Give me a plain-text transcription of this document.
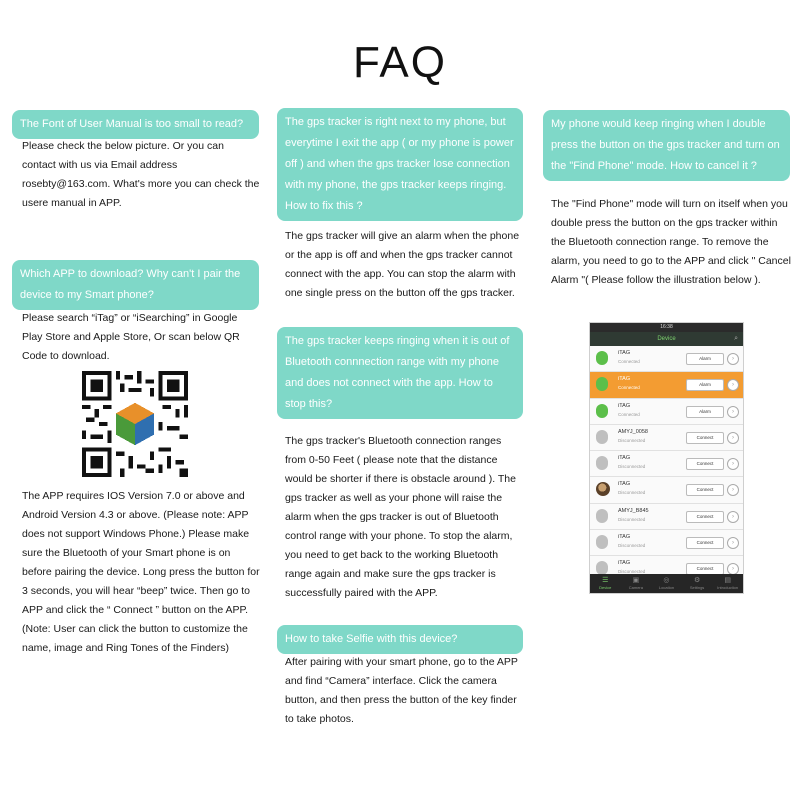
FAQ
The Font of User Manual is too small to read?
Please check the below picture. Or you can contact with us via Email address rosebty@163.com. What's more you can check the usere manual in APP.
Which APP to download? Why can't I pair the device to my Smart phone?
Please search “iTag” or “iSearching” in Google Play Store and Apple Store, Or scan below QR Code to download.
The APP requires IOS Version 7.0 or above and Android Version 4.3 or above. (Please note: APP does not support Windows Phone.) Please make sure the Bluetooth of your Smart phone is on before pairing the device. Long press the button for 3 seconds, you will hear “beep” twice. Then go to APP and click the “ Connect ” button on the APP. (Note: User can click the button to customize the name, image and Ring Tones of the Finders)
The gps tracker is right next to my phone, but everytime I exit the app ( or my phone is power off ) and when the gps tracker lose connection with my phone, the gps tracker keeps ringing. How to fix this ?
The gps tracker will give an alarm when the phone or the app is off and when the gps tracker cannot connect with the app. You can stop the alarm with one single press on the button off the gps tracker.
The gps tracker keeps ringing when it is out of Bluetooth connnection range with my phone and does not connect with the app. How to stop this?
The gps tracker's Bluetooth connection ranges from 0-50 Feet ( please note that the distance would be shorter if there is obstacle around ). The gps tracker as well as your phone will raise the alarm when the gps tracker is out of Bluetooth control range with your phone. To stop the alarm, you need to get back to the working Bluetooth range again and make sure the gps tracker is successfully paired with the APP.
How to take Selfie with this device?
After pairing with your smart phone, go to the APP and find “Camera” interface. Click the camera button, and then press the button of the key finder to take photos.
My phone would keep ringing when I double press the button on the gps tracker and turn on the "Find Phone" mode. How to cancel it ?
The "Find Phone" mode will turn on itself when you double press the button on the gps tracker within the Bluetooth connection range. To remove the alarm, you need to go to the APP and click " Cancel Alarm "( Please follow the illustration below ).
16:38
Device	⌕
iTAG
Connected
Alarm	›
iTAG
Connected
Alarm	›
iTAG
Connected
Alarm	›
AMYJ_0058
Disconnected
Connect	›
iTAG
Disconnected
Connect	›
iTAG
Disconnected
Connect	›
AMYJ_B845
Disconnected
Connect	›
iTAG
Disconnected
Connect	›
iTAG
Disconnected
Connect	›
☰
Device
▣
Camera
◎
Location
⚙
Settings
▤
Introduction
